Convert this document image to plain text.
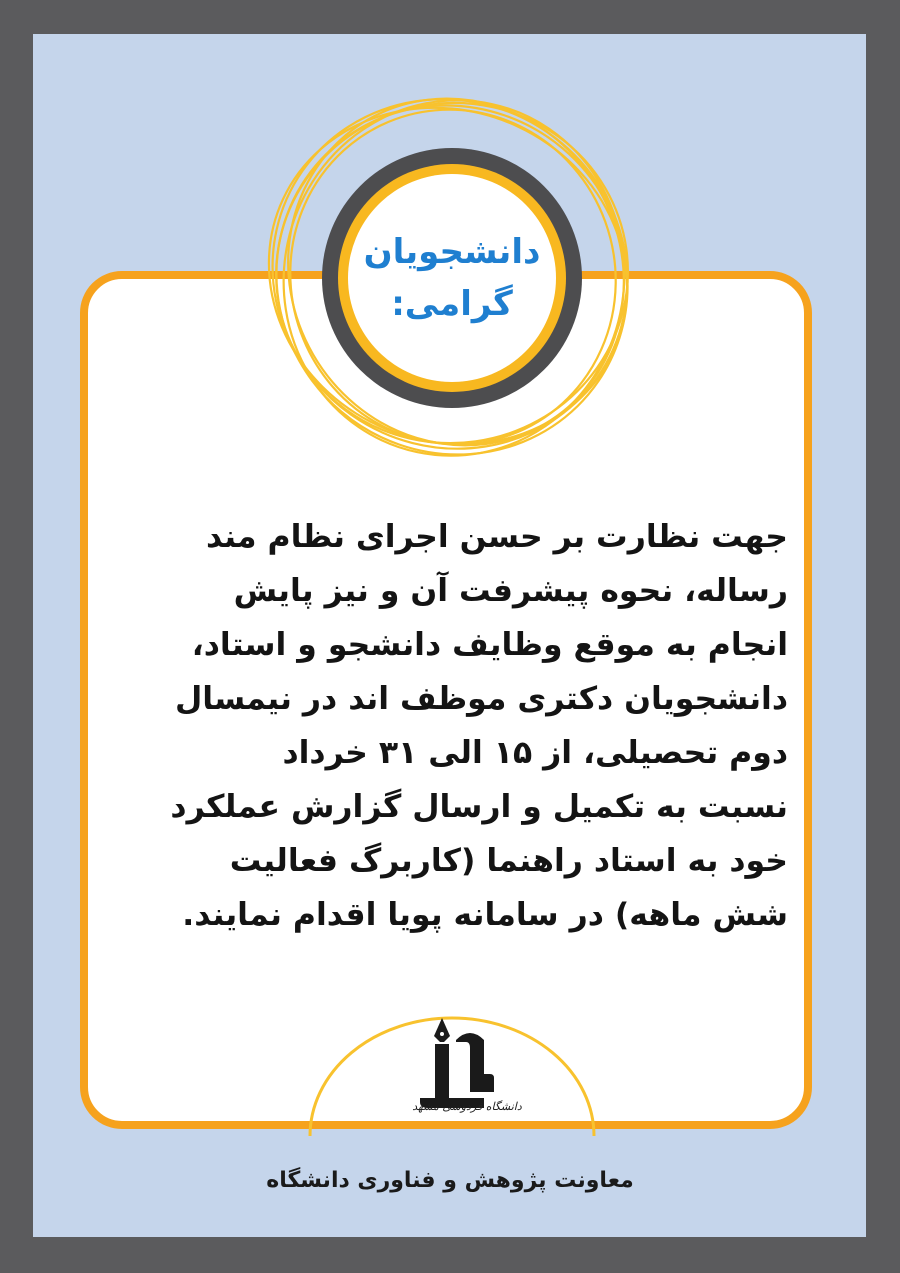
دانشجویان
گرامی:
جهت نظارت بر حسن اجرای نظام مند
رساله، نحوه پیشرفت آن و نیز پایش
انجام به موقع وظایف دانشجو و استاد،
دانشجویان دکتری موظف اند در نیمسال
دوم تحصیلی، از ۱۵ الی ۳۱ خرداد
نسبت به تکمیل و ارسال گزارش عملکرد
خود به استاد راهنما (کاربرگ فعالیت
شش ماهه) در سامانه پویا اقدام نمایند.
دانشگاه فردوسی مشهد
معاونت پژوهش و فناوری دانشگاه
